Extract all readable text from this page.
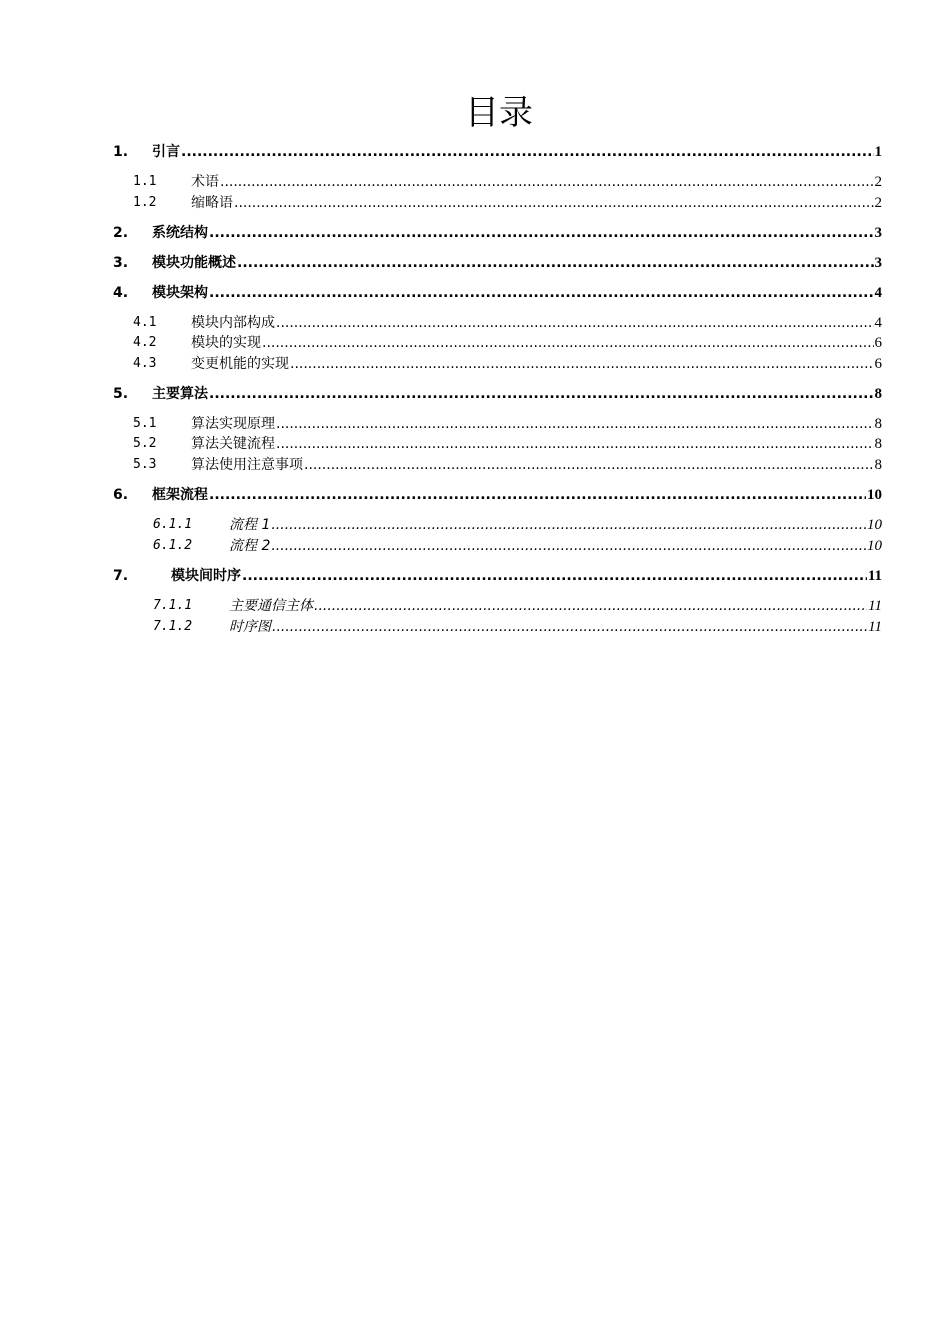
目录
1. 引言 .....	1
1.1 术语 .....	2
1.2 缩略语 .....	2
2. 系统结构 .....	3
3. 模块功能概述 .....	3
4. 模块架构 .....	4
4.1 模块内部构成 .....	4
4.2 模块的实现 .....	6
4.3 变更机能的实现 .....	6
5. 主要算法 .....	8
5.1 算法实现原理 .....	8
5.2 算法关键流程 .....	8
5.3 算法使用注意事项 .....	8
6. 框架流程 .....	10
6.1.1	流程 1 .....	10
6.1.2	流程 2 .....	10
7.	模块间时序 .....	11
7.1.1	主要通信主体 .....	11
7.1.2	时序图 .....	11
